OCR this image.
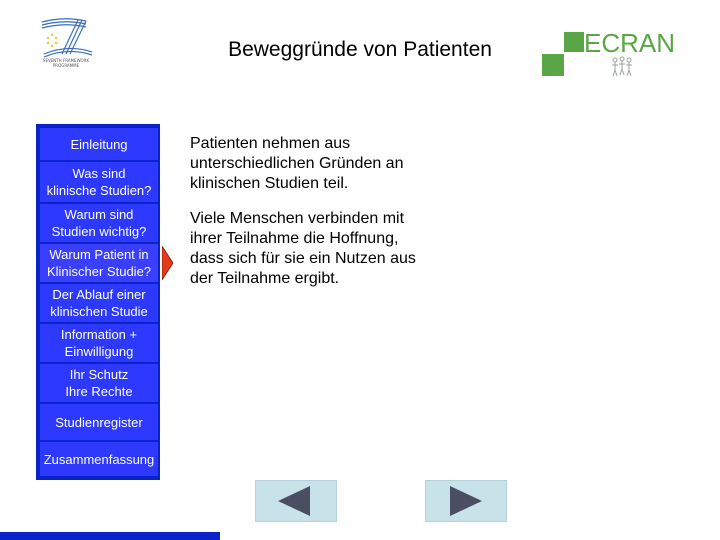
SEVENTH FRAMEWORK PROGRAMME
Beweggründe von Patienten	ECRAN
Einleitung
Was sind
klinische Studien?
Warum sind
Studien wichtig?
Warum Patient in
Klinischer Studie?
Der Ablauf einer
klinischen Studie
Information +
Einwilligung
Ihr Schutz
Ihre Rechte
Studienregister
Zusammenfassung

Patienten nehmen aus
unterschiedlichen Gründen an
klinischen Studien teil.

Viele Menschen verbinden mit
ihrer Teilnahme die Hoffnung,
dass sich für sie ein Nutzen aus
der Teilnahme ergibt.
